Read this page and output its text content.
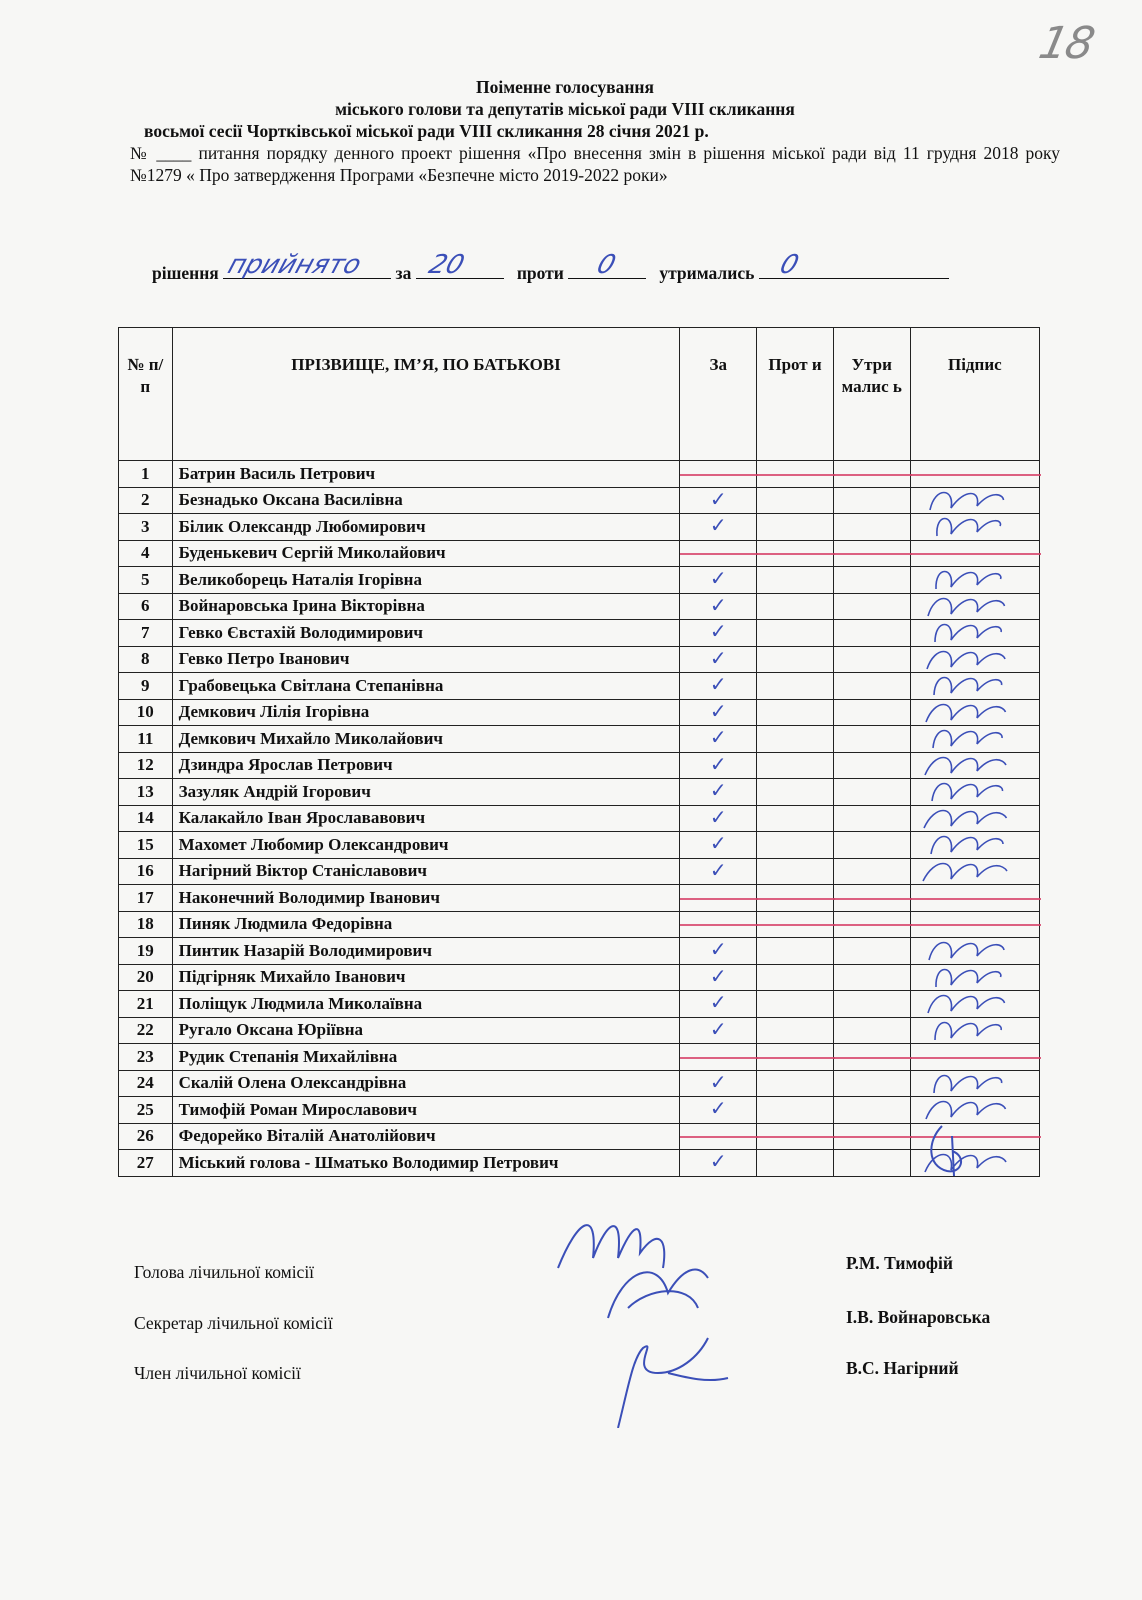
18
Поіменне голосування
міського голови та депутатів міської ради VIII скликання
восьмої сесії Чортківської міської ради VIII скликання 28 січня 2021 р.
№ ____ питання порядку денного проект рішення «Про внесення змін в рішення міської ради від 11 грудня 2018 року №1279 « Про затвердження Програми «Безпечне місто 2019-2022 роки»
рішення прийнято за 20	проти 0 утримались 0
№ п/п	ПРІЗВИЩЕ, ІМ’Я, ПО БАТЬКОВІ	За	Прот и	Утри малис ь	Підпис
1	Батрин Василь Петрович	

2	Безнадько Оксана Василівна	✓			

3	Білик Олександр Любомирович	✓			

4	Буденькевич Сергій Миколайович	

5	Великоборець Наталія Ігорівна	✓			

6	Войнаровська Ірина Вікторівна	✓			

7	Гевко Євстахій Володимирович	✓			

8	Гевко Петро Іванович	✓			

9	Грабовецька Світлана Степанівна	✓			

10	Демкович Лілія Ігорівна	✓			

11	Демкович Михайло Миколайович	✓			

12	Дзиндра Ярослав Петрович	✓			

13	Зазуляк Андрій Ігорович	✓			

14	Калакайло Іван Ярослававович	✓			

15	Махомет Любомир Олександрович	✓			

16	Нагірний Віктор Станіславович	✓			

17	Наконечний Володимир Іванович	

18	Пиняк Людмила Федорівна	

19	Пинтик Назарій Володимирович	✓			

20	Підгірняк Михайло Іванович	✓			

21	Поліщук Людмила Миколаївна	✓			

22	Ругало Оксана Юріївна	✓			

23	Рудик Степанія Михайлівна	

24	Скалій Олена Олександрівна	✓			

25	Тимофій Роман Мирославович	✓			

26	Федорейко Віталій Анатолійович	

27	Міський голова - Шматько Володимир Петрович	✓			
Голова лічильної комісії	Р.М. Тимофій
Секретар лічильної комісії	І.В. Войнаровська
Член лічильної комісії	В.С. Нагірний
